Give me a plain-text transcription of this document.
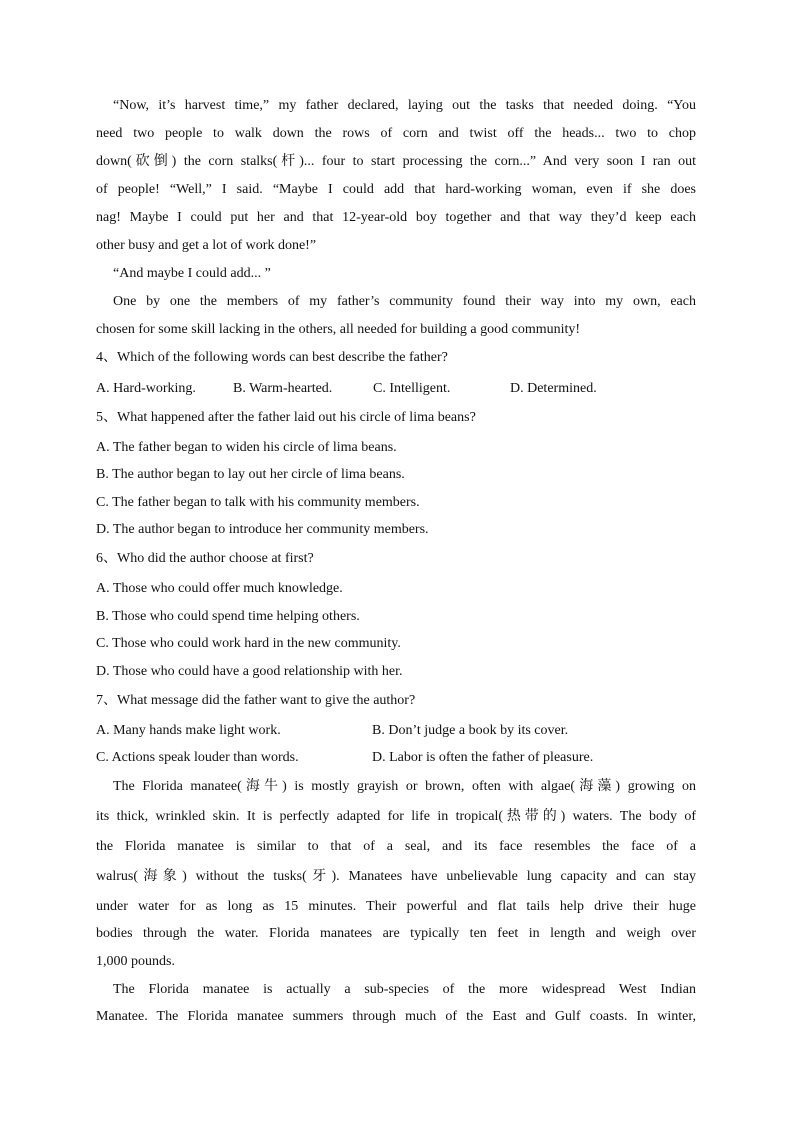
“Now, it’s harvest time,” my father declared, laying out the tasks that needed doing. “You
need two people to walk down the rows of corn and twist off the heads... two to chop
down(砍倒) the corn stalks(杆)... four to start processing the corn...” And very soon I ran out
of people! “Well,” I said. “Maybe I could add that hard-working woman, even if she does
nag! Maybe I could put her and that 12-year-old boy together and that way they’d keep each
other busy and get a lot of work done!”
“And maybe I could add... ”
One by one the members of my father’s community found their way into my own, each
chosen for some skill lacking in the others, all needed for building a good community!
4、Which of the following words can best describe the father?
A. Hard-working.	B. Warm-hearted.	C. Intelligent.	D. Determined.
5、What happened after the father laid out his circle of lima beans?
A. The father began to widen his circle of lima beans.
B. The author began to lay out her circle of lima beans.
C. The father began to talk with his community members.
D. The author began to introduce her community members.
6、Who did the author choose at first?
A. Those who could offer much knowledge.
B. Those who could spend time helping others.
C. Those who could work hard in the new community.
D. Those who could have a good relationship with her.
7、What message did the father want to give the author?
A. Many hands make light work.	B. Don’t judge a book by its cover.
C. Actions speak louder than words.	D. Labor is often the father of pleasure.
The Florida manatee(海牛) is mostly grayish or brown, often with algae(海藻) growing on
its thick, wrinkled skin. It is perfectly adapted for life in tropical(热带的) waters. The body of
the Florida manatee is similar to that of a seal, and its face resembles the face of a
walrus(海象) without the tusks(牙). Manatees have unbelievable lung capacity and can stay
under water for as long as 15 minutes. Their powerful and flat tails help drive their huge
bodies through the water. Florida manatees are typically ten feet in length and weigh over
1,000 pounds.
The Florida manatee is actually a sub-species of the more widespread West Indian
Manatee. The Florida manatee summers through much of the East and Gulf coasts. In winter,
